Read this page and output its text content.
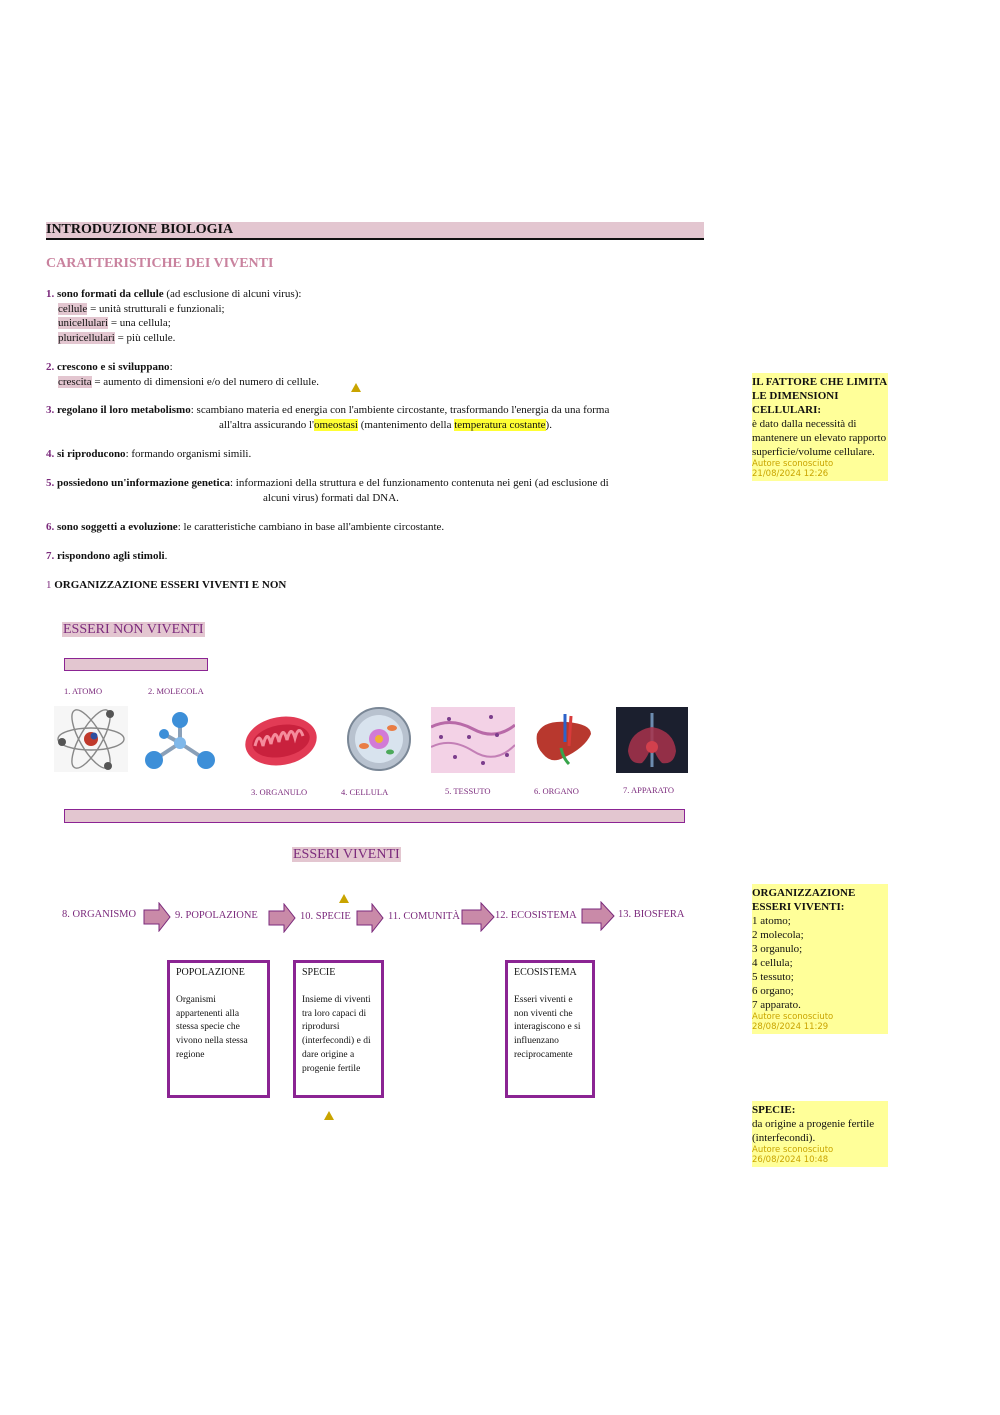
INTRODUZIONE BIOLOGIA
CARATTERISTICHE DEI VIVENTI
1. sono formati da cellule (ad esclusione di alcuni virus):
cellule = unità strutturali e funzionali;
unicellulari = una cellula;
pluricellulari = più cellule.
2. crescono e si sviluppano:
crescita = aumento di dimensioni e/o del numero di cellule.
3. regolano il loro metabolismo: scambiano materia ed energia con l'ambiente circostante, trasformando l'energia da una forma
all'altra assicurando l'omeostasi (mantenimento della temperatura costante).
4. si riproducono: formando organismi simili.
5. possiedono un'informazione genetica: informazioni della struttura e del funzionamento contenuta nei geni (ad esclusione di
alcuni virus) formati dal DNA.
6. sono soggetti a evoluzione: le caratteristiche cambiano in base all'ambiente circostante.
7. rispondono agli stimoli.
1 ORGANIZZAZIONE ESSERI VIVENTI E NON
ESSERI NON VIVENTI
1. ATOMO	2. MOLECOLA
3. ORGANULO	4. CELLULA	5. TESSUTO	6. ORGANO	7. APPARATO
ESSERI VIVENTI
8. ORGANISMO	9. POPOLAZIONE	10. SPECIE	11. COMUNITÀ	12. ECOSISTEMA	13. BIOSFERA
POPOLAZIONE
Organismi appartenenti alla stessa specie che vivono nella stessa regione
SPECIE
Insieme di viventi tra loro capaci di riprodursi (interfecondi) e di dare origine a progenie fertile
ECOSISTEMA
Esseri viventi e non viventi che interagiscono e si influenzano reciprocamente
IL FATTORE CHE LIMITA LE DIMENSIONI CELLULARI:
è dato dalla necessità di mantenere un elevato rapporto superficie/volume cellulare.
Autore sconosciuto
21/08/2024 12:26
ORGANIZZAZIONE ESSERI VIVENTI:
1 atomo;
2 molecola;
3 organulo;
4 cellula;
5 tessuto;
6 organo;
7 apparato.
Autore sconosciuto
28/08/2024 11:29
SPECIE:
da origine a progenie fertile (interfecondi).
Autore sconosciuto
26/08/2024 10:48
